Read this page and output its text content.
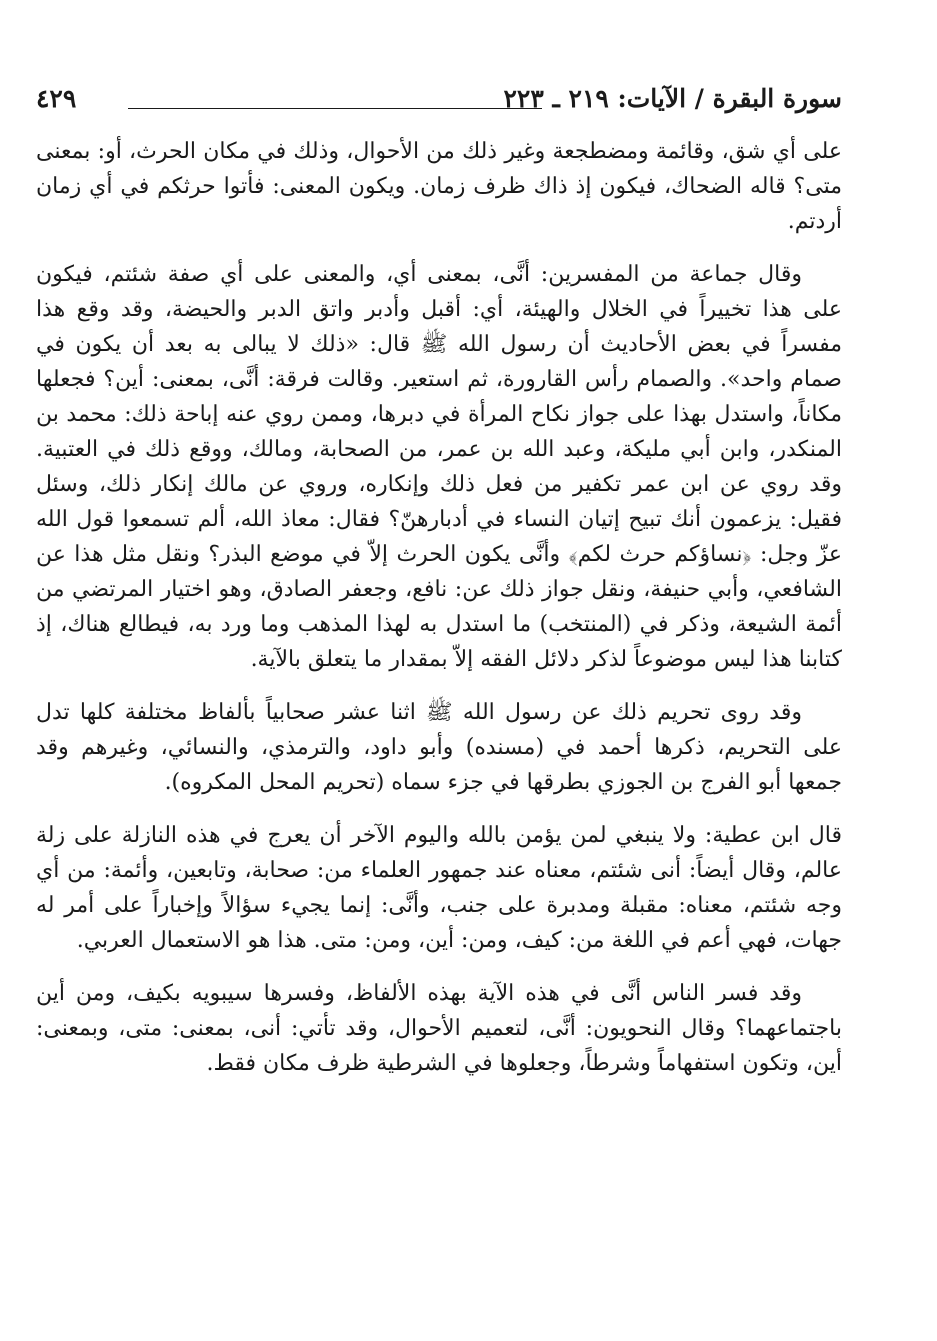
سورة البقرة / الآيات: ٢١٩ ـ ٢٢٣
٤٢٩

على أي شق، وقائمة ومضطجعة وغير ذلك من الأحوال، وذلك في مكان الحرث، أو: بمعنى متى؟ قاله الضحاك، فيكون إذ ذاك ظرف زمان. ويكون المعنى: فأتوا حرثكم في أي زمان أردتم.

وقال جماعة من المفسرين: أنَّى، بمعنى أي، والمعنى على أي صفة شئتم، فيكون على هذا تخييراً في الخلال والهيئة، أي: أقبل وأدبر واتق الدبر والحيضة، وقد وقع هذا مفسراً في بعض الأحاديث أن رسول الله ﷺ قال: «ذلك لا يبالى به بعد أن يكون في صمام واحد». والصمام رأس القارورة، ثم استعير. وقالت فرقة: أنَّى، بمعنى: أين؟ فجعلها مكاناً، واستدل بهذا على جواز نكاح المرأة في دبرها، وممن روي عنه إباحة ذلك: محمد بن المنكدر، وابن أبي مليكة، وعبد الله بن عمر، من الصحابة، ومالك، ووقع ذلك في العتبية. وقد روي عن ابن عمر تكفير من فعل ذلك وإنكاره، وروي عن مالك إنكار ذلك، وسئل فقيل: يزعمون أنك تبيح إتيان النساء في أدبارهنّ؟ فقال: معاذ الله، ألم تسمعوا قول الله عزّ وجل: ﴿نساؤكم حرث لكم﴾ وأنَّى يكون الحرث إلاّ في موضع البذر؟ ونقل مثل هذا عن الشافعي، وأبي حنيفة، ونقل جواز ذلك عن: نافع، وجعفر الصادق، وهو اختيار المرتضي من أئمة الشيعة، وذكر في (المنتخب) ما استدل به لهذا المذهب وما ورد به، فيطالع هناك، إذ كتابنا هذا ليس موضوعاً لذكر دلائل الفقه إلاّ بمقدار ما يتعلق بالآية.

وقد روى تحريم ذلك عن رسول الله ﷺ اثنا عشر صحابياً بألفاظ مختلفة كلها تدل على التحريم، ذكرها أحمد في (مسنده) وأبو داود، والترمذي، والنسائي، وغيرهم وقد جمعها أبو الفرج بن الجوزي بطرقها في جزء سماه (تحريم المحل المكروه).

قال ابن عطية: ولا ينبغي لمن يؤمن بالله واليوم الآخر أن يعرج في هذه النازلة على زلة عالم، وقال أيضاً: أنى شئتم، معناه عند جمهور العلماء من: صحابة، وتابعين، وأئمة: من أي وجه شئتم، معناه: مقبلة ومدبرة على جنب، وأنَّى: إنما يجيء سؤالاً وإخباراً على أمر له جهات، فهي أعم في اللغة من: كيف، ومن: أين، ومن: متى. هذا هو الاستعمال العربي.

وقد فسر الناس أنَّى في هذه الآية بهذه الألفاظ، وفسرها سيبويه بكيف، ومن أين باجتماعهما؟ وقال النحويون: أنَّى، لتعميم الأحوال، وقد تأتي: أنى، بمعنى: متى، وبمعنى: أين، وتكون استفهاماً وشرطاً، وجعلوها في الشرطية ظرف مكان فقط.
